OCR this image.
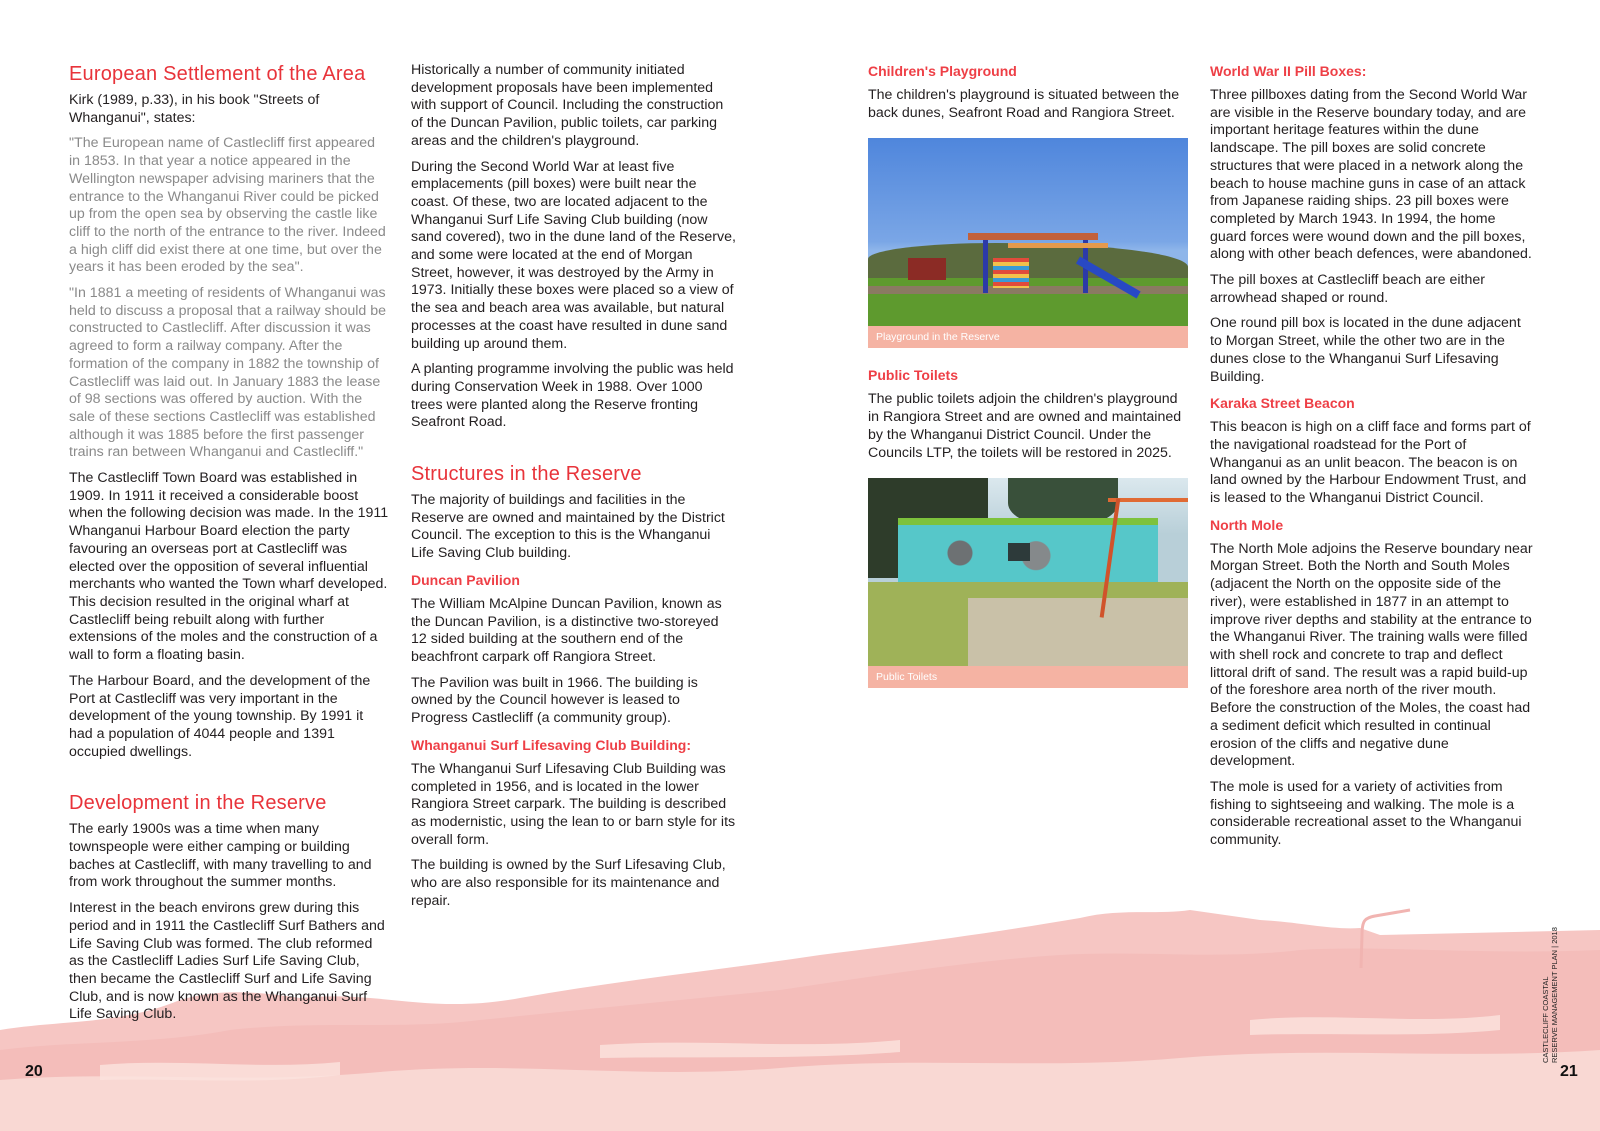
European Settlement of the Area

Kirk (1989, p.33), in his book "Streets of Whanganui", states:

"The European name of Castlecliff first appeared in 1853. In that year a notice appeared in the Wellington newspaper advising mariners that the entrance to the Whanganui River could be picked up from the open sea by observing the castle like cliff to the north of the entrance to the river. Indeed a high cliff did exist there at one time, but over the years it has been eroded by the sea".

"In 1881 a meeting of residents of Whanganui was held to discuss a proposal that a railway should be constructed to Castlecliff. After discussion it was agreed to form a railway company. After the formation of the company in 1882 the township of Castlecliff was laid out. In January 1883 the lease of 98 sections was offered by auction. With the sale of these sections Castlecliff was established although it was 1885 before the first passenger trains ran between Whanganui and Castlecliff."

The Castlecliff Town Board was established in 1909. In 1911 it received a considerable boost when the following decision was made. In the 1911 Whanganui Harbour Board election the party favouring an overseas port at Castlecliff was elected over the opposition of several influential merchants who wanted the Town wharf developed. This decision resulted in the original wharf at Castlecliff being rebuilt along with further extensions of the moles and the construction of a wall to form a floating basin.

The Harbour Board, and the development of the Port at Castlecliff was very important in the development of the young township. By 1991 it had a population of 4044 people and 1391 occupied dwellings.

Development in the Reserve

The early 1900s was a time when many townspeople were either camping or building baches at Castlecliff, with many travelling to and from work throughout the summer months.

Interest in the beach environs grew during this period and in 1911 the Castlecliff Surf Bathers and Life Saving Club was formed. The club reformed as the Castlecliff Ladies Surf Life Saving Club, then became the Castlecliff Surf and Life Saving Club, and is now known as the Whanganui Surf Life Saving Club.

Historically a number of community initiated development proposals have been implemented with support of Council. Including the construction of the Duncan Pavilion, public toilets, car parking areas and the children's playground.

During the Second World War at least five emplacements (pill boxes) were built near the coast. Of these, two are located adjacent to the Whanganui Surf Life Saving Club building (now sand covered), two in the dune land of the Reserve, and some were located at the end of Morgan Street, however, it was destroyed by the Army in 1973. Initially these boxes were placed so a view of the sea and beach area was available, but natural processes at the coast have resulted in dune sand building up around them.

A planting programme involving the public was held during Conservation Week in 1988. Over 1000 trees were planted along the Reserve fronting Seafront Road.

Structures in the Reserve

The majority of buildings and facilities in the Reserve are owned and maintained by the District Council. The exception to this is the Whanganui Life Saving Club building.

Duncan Pavilion

The William McAlpine Duncan Pavilion, known as the Duncan Pavilion, is a distinctive two-storeyed 12 sided building at the southern end of the beachfront carpark off Rangiora Street.

The Pavilion was built in 1966. The building is owned by the Council however is leased to Progress Castlecliff (a community group).

Whanganui Surf Lifesaving Club Building:

The Whanganui Surf Lifesaving Club Building was completed in 1956, and is located in the lower Rangiora Street carpark. The building is described as modernistic, using the lean to or barn style for its overall form.

The building is owned by the Surf Lifesaving Club, who are also responsible for its maintenance and repair.

Children's Playground

The children's playground is situated between the back dunes, Seafront Road and Rangiora Street.

Playground in the Reserve
Public Toilets

The public toilets adjoin the children's playground in Rangiora Street and are owned and maintained by the Whanganui District Council. Under the Councils LTP, the toilets will be restored in 2025.

Public Toilets
World War II Pill Boxes:

Three pillboxes dating from the Second World War are visible in the Reserve boundary today, and are important heritage features within the dune landscape. The pill boxes are solid concrete structures that were placed in a network along the beach to house machine guns in case of an attack from Japanese raiding ships. 23 pill boxes were completed by March 1943. In 1994, the home guard forces were wound down and the pill boxes, along with other beach defences, were abandoned.

The pill boxes at Castlecliff beach are either arrowhead shaped or round.

One round pill box is located in the dune adjacent to Morgan Street, while the other two are in the dunes close to the Whanganui Surf Lifesaving Building.

Karaka Street Beacon

This beacon is high on a cliff face and forms part of the navigational roadstead for the Port of Whanganui as an unlit beacon. The beacon is on land owned by the Harbour Endowment Trust, and is leased to the Whanganui District Council.

North Mole

The North Mole adjoins the Reserve boundary near Morgan Street. Both the North and South Moles (adjacent the North on the opposite side of the river), were established in 1877 in an attempt to improve river depths and stability at the entrance to the Whanganui River. The training walls were filled with shell rock and concrete to trap and deflect littoral drift of sand. The result was a rapid build-up of the foreshore area north of the river mouth. Before the construction of the Moles, the coast had a sediment deficit which resulted in continual erosion of the cliffs and negative dune development.

The mole is used for a variety of activities from fishing to sightseeing and walking. The mole is a considerable recreational asset to the Whanganui community.

20	21
CASTLECLIFF COASTAL RESERVE MANAGEMENT PLAN | 2018
